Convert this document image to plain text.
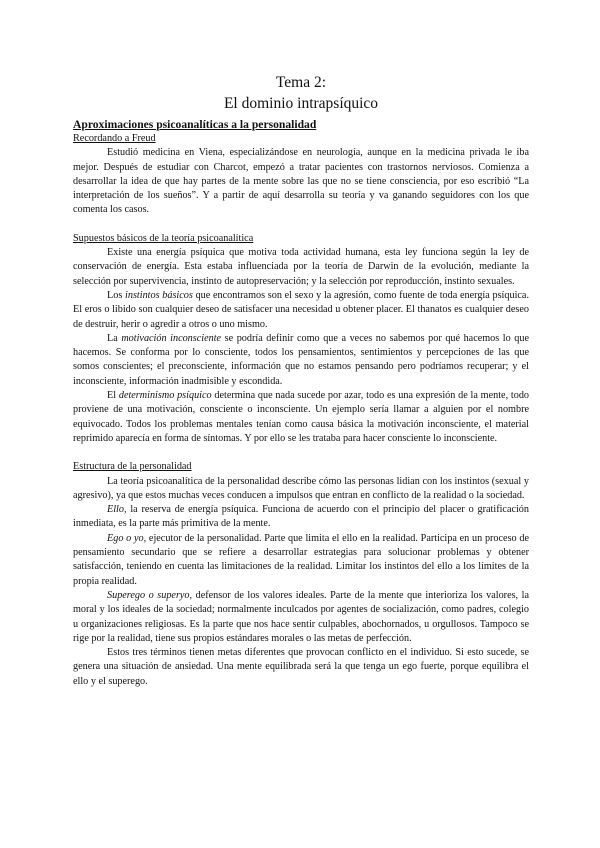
Tema 2:
El dominio intrapsíquico
Aproximaciones psicoanalíticas a la personalidad
Recordando a Freud

Estudió medicina en Viena, especializándose en neurología, aunque en la medicina privada le iba mejor. Después de estudiar con Charcot, empezó a tratar pacientes con trastornos nerviosos. Comienza a desarrollar la idea de que hay partes de la mente sobre las que no se tiene consciencia, por eso escribió “La interpretación de los sueños”. Y a partir de aquí desarrolla su teoría y va ganando seguidores con los que comenta los casos.

Supuestos básicos de la teoría psicoanalítica

Existe una energía psíquica que motiva toda actividad humana, esta ley funciona según la ley de conservación de energía. Esta estaba influenciada por la teoría de Darwin de la evolución, mediante la selección por supervivencia, instinto de autopreservación; y la selección por reproducción, instinto sexuales.

Los instintos básicos que encontramos son el sexo y la agresión, como fuente de toda energía psíquica. El eros o libido son cualquier deseo de satisfacer una necesidad u obtener placer. El thanatos es cualquier deseo de destruir, herir o agredir a otros o uno mismo.

La motivación inconsciente se podría definir como que a veces no sabemos por qué hacemos lo que hacemos. Se conforma por lo consciente, todos los pensamientos, sentimientos y percepciones de las que somos conscientes; el preconsciente, información que no estamos pensando pero podríamos recuperar; y el inconsciente, información inadmisible y escondida.

El determinismo psíquico determina que nada sucede por azar, todo es una expresión de la mente, todo proviene de una motivación, consciente o inconsciente. Un ejemplo sería llamar a alguien por el nombre equivocado. Todos los problemas mentales tenían como causa básica la motivación inconsciente, el material reprimido aparecía en forma de síntomas. Y por ello se les trataba para hacer consciente lo inconsciente.

Estructura de la personalidad

La teoría psicoanalítica de la personalidad describe cómo las personas lidian con los instintos (sexual y agresivo), ya que estos muchas veces conducen a impulsos que entran en conflicto de la realidad o la sociedad.

Ello, la reserva de energía psíquica. Funciona de acuerdo con el principio del placer o gratificación inmediata, es la parte más primitiva de la mente.

Ego o yo, ejecutor de la personalidad. Parte que limita el ello en la realidad. Participa en un proceso de pensamiento secundario que se refiere a desarrollar estrategias para solucionar problemas y obtener satisfacción, teniendo en cuenta las limitaciones de la realidad. Limitar los instintos del ello a los límites de la propia realidad.

Superego o superyo, defensor de los valores ideales. Parte de la mente que interioriza los valores, la moral y los ideales de la sociedad; normalmente inculcados por agentes de socialización, como padres, colegio u organizaciones religiosas. Es la parte que nos hace sentir culpables, abochornados, u orgullosos. Tampoco se rige por la realidad, tiene sus propios estándares morales o las metas de perfección.

Estos tres términos tienen metas diferentes que provocan conflicto en el individuo. Si esto sucede, se genera una situación de ansiedad. Una mente equilibrada será la que tenga un ego fuerte, porque equilibra el ello y el superego.
